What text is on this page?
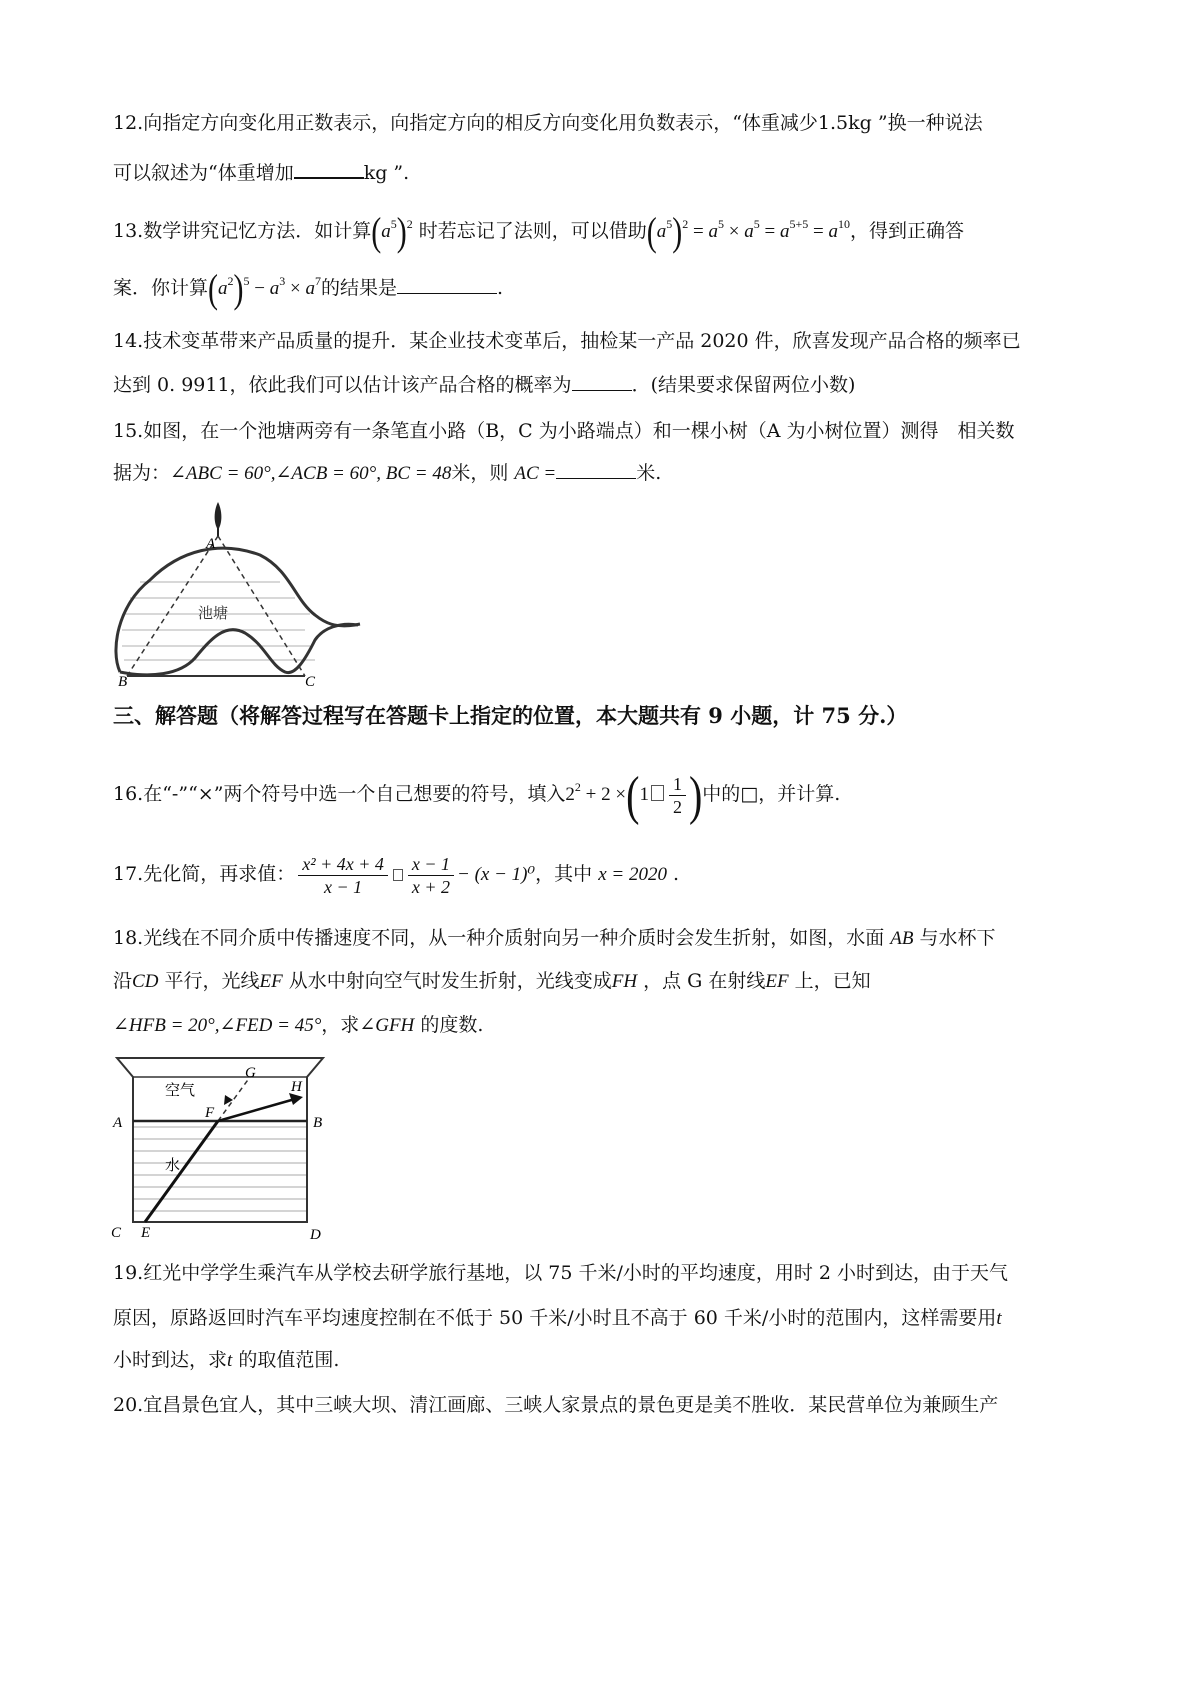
12.向指定方向变化用正数表示，向指定方向的相反方向变化用负数表示，“体重减少1.5kg ”换一种说法
可以叙述为“体重增加	kg ”.
13.数学讲究记忆方法．如计算$(a^5)^2$ 时若忘记了法则，可以借助$(a^5)^2 = a^5 \times a^5 = a^{5+5} = a^{10}$，得到正确答
案．你计算$(a^2)^5 - a^3 \times a^7$的结果是	.
14.技术变革带来产品质量的提升．某企业技术变革后，抽检某一产品 2020 件，欣喜发现产品合格的频率已
达到 0. 9911，依此我们可以估计该产品合格的概率为	．(结果要求保留两位小数)
15.如图，在一个池塘两旁有一条笔直小路（B，C 为小路端点）和一棵小树（A 为小树位置）测得　相关数
据为：∠ABC = 60°,∠ACB = 60°, BC = 48米，则 AC =	米.
A
B	C
池塘
三、解答题（将解答过程写在答题卡上指定的位置，本大题共有 9 小题，计 75 分.）
16.在“-”“×”两个符号中选一个自己想要的符号，填入$2^2 + 2 \times(1 \frac{1}{2}$ )中的□，并计算.
17.先化简，再求值： $\frac{\text{x² + 4x + 4}}{x - 1} \frac{x - 1}{x + 2} - (x - 1)^0$，其中 x = 2020 .
18.光线在不同介质中传播速度不同，从一种介质射向另一种介质时会发生折射，如图，水面 AB 与水杯下
沿CD 平行，光线EF 从水中射向空气时发生折射，光线变成FH ，点 G 在射线EF 上，已知
∠HFB = 20°,∠FED = 45°，求∠GFH 的度数.
空气
水
A	B
C	D
E
F
G
H
19.红光中学学生乘汽车从学校去研学旅行基地，以 75 千米/小时的平均速度，用时 2 小时到达，由于天气
原因，原路返回时汽车平均速度控制在不低于 50 千米/小时且不高于 60 千米/小时的范围内，这样需要用t
小时到达，求t 的取值范围.
20.宜昌景色宜人，其中三峡大坝、清江画廊、三峡人家景点的景色更是美不胜收．某民营单位为兼顾生产
